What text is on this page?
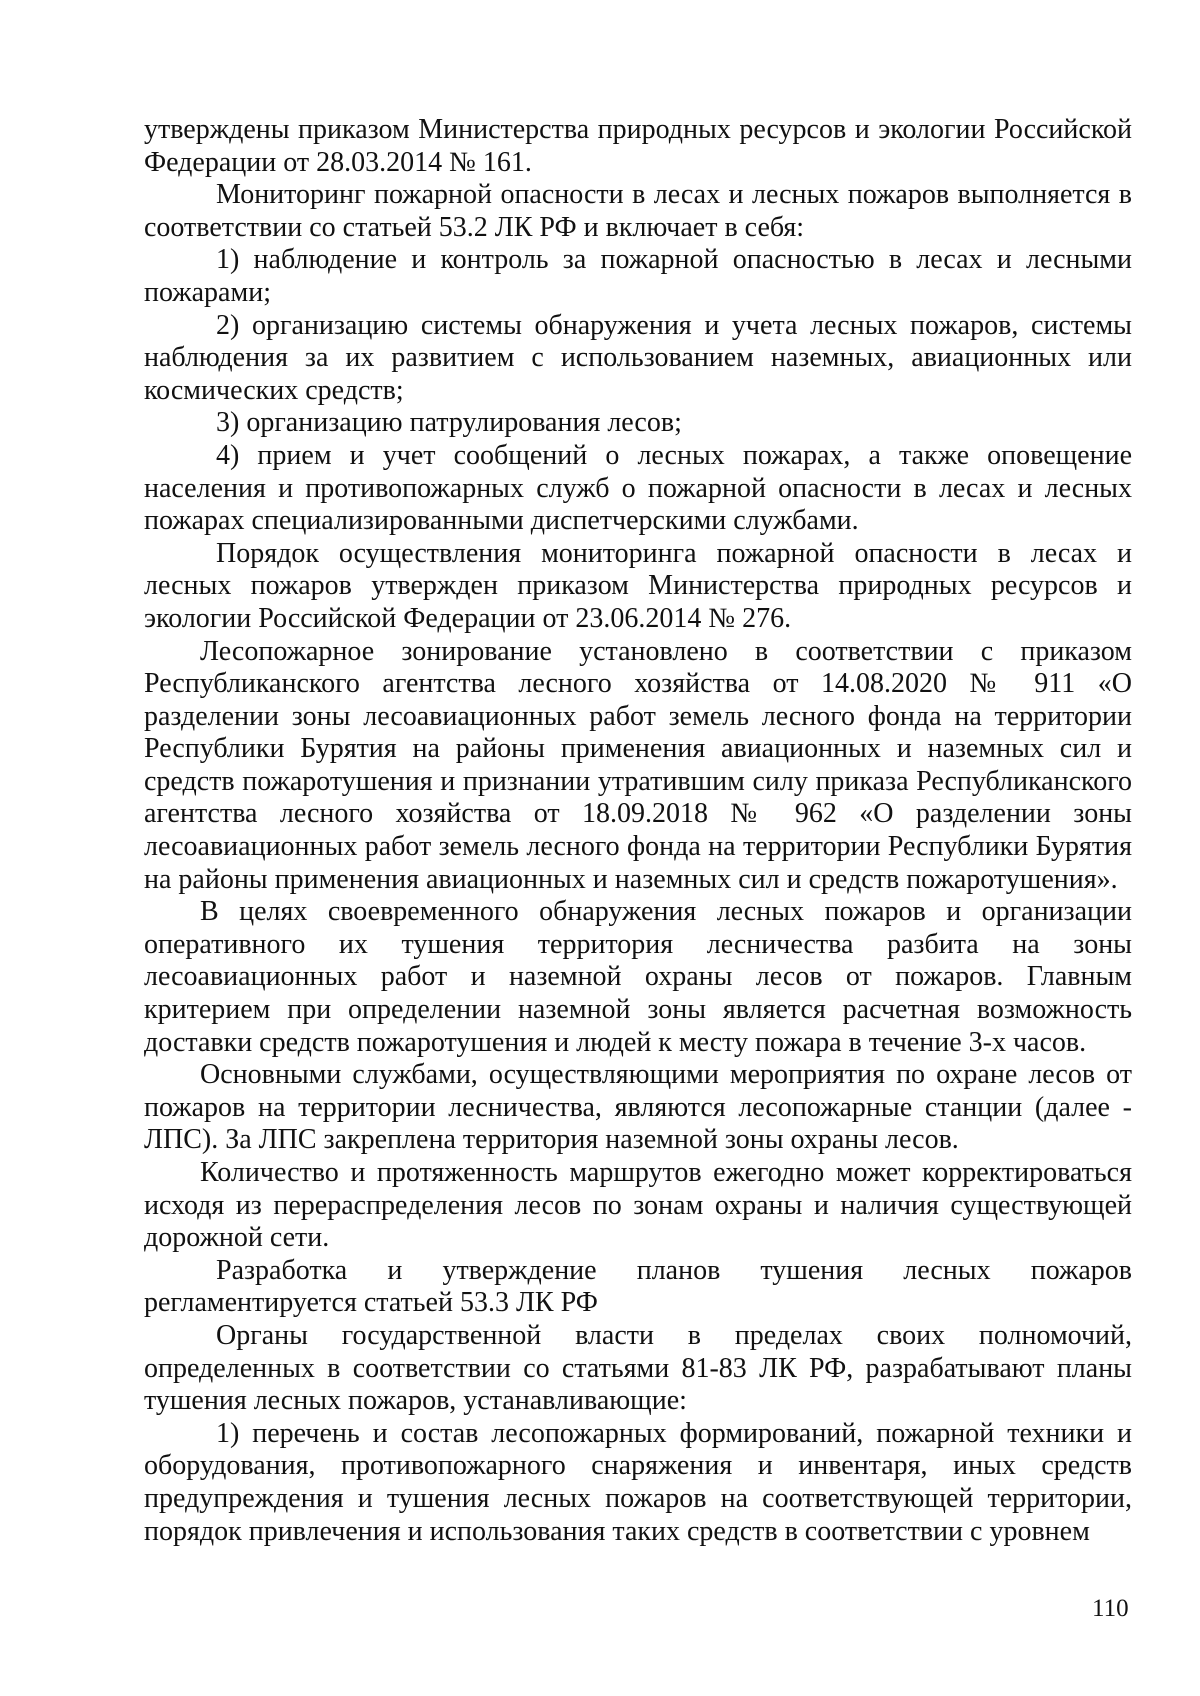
утверждены приказом Министерства природных ресурсов и экологии Российской Федерации от 28.03.2014 № 161.

Мониторинг пожарной опасности в лесах и лесных пожаров выполняется в соответствии со статьей 53.2 ЛК РФ и включает в себя:

1) наблюдение и контроль за пожарной опасностью в лесах и лесными пожарами;

2) организацию системы обнаружения и учета лесных пожаров, системы наблюдения за их развитием с использованием наземных, авиационных или космических средств;

3) организацию патрулирования лесов;

4) прием и учет сообщений о лесных пожарах, а также оповещение населения и противопожарных служб о пожарной опасности в лесах и лесных пожарах специализированными диспетчерскими службами.

Порядок осуществления мониторинга пожарной опасности в лесах и лесных пожаров утвержден приказом Министерства природных ресурсов и экологии Российской Федерации от 23.06.2014 № 276.

Лесопожарное зонирование установлено в соответствии с приказом Республиканского агентства лесного хозяйства от 14.08.2020 № 911 «О разделении зоны лесоавиационных работ земель лесного фонда на территории Республики Бурятия на районы применения авиационных и наземных сил и средств пожаротушения и признании утратившим силу приказа Республиканского агентства лесного хозяйства от 18.09.2018 № 962 «О разделении зоны лесоавиационных работ земель лесного фонда на территории Республики Бурятия на районы применения авиационных и наземных сил и средств пожаротушения».

В целях своевременного обнаружения лесных пожаров и организации оперативного их тушения территория лесничества разбита на зоны лесоавиационных работ и наземной охраны лесов от пожаров. Главным критерием при определении наземной зоны является расчетная возможность доставки средств пожаротушения и людей к месту пожара в течение 3-х часов.

Основными службами, осуществляющими мероприятия по охране лесов от пожаров на территории лесничества, являются лесопожарные станции (далее - ЛПС). За ЛПС закреплена территория наземной зоны охраны лесов.

Количество и протяженность маршрутов ежегодно может корректироваться исходя из перераспределения лесов по зонам охраны и наличия существующей дорожной сети.

Разработка и утверждение планов тушения лесных пожаров регламентируется статьей 53.3 ЛК РФ

Органы государственной власти в пределах своих полномочий, определенных в соответствии со статьями 81-83 ЛК РФ, разрабатывают планы тушения лесных пожаров, устанавливающие:

1) перечень и состав лесопожарных формирований, пожарной техники и оборудования, противопожарного снаряжения и инвентаря, иных средств предупреждения и тушения лесных пожаров на соответствующей территории, порядок привлечения и использования таких средств в соответствии с уровнем

110
